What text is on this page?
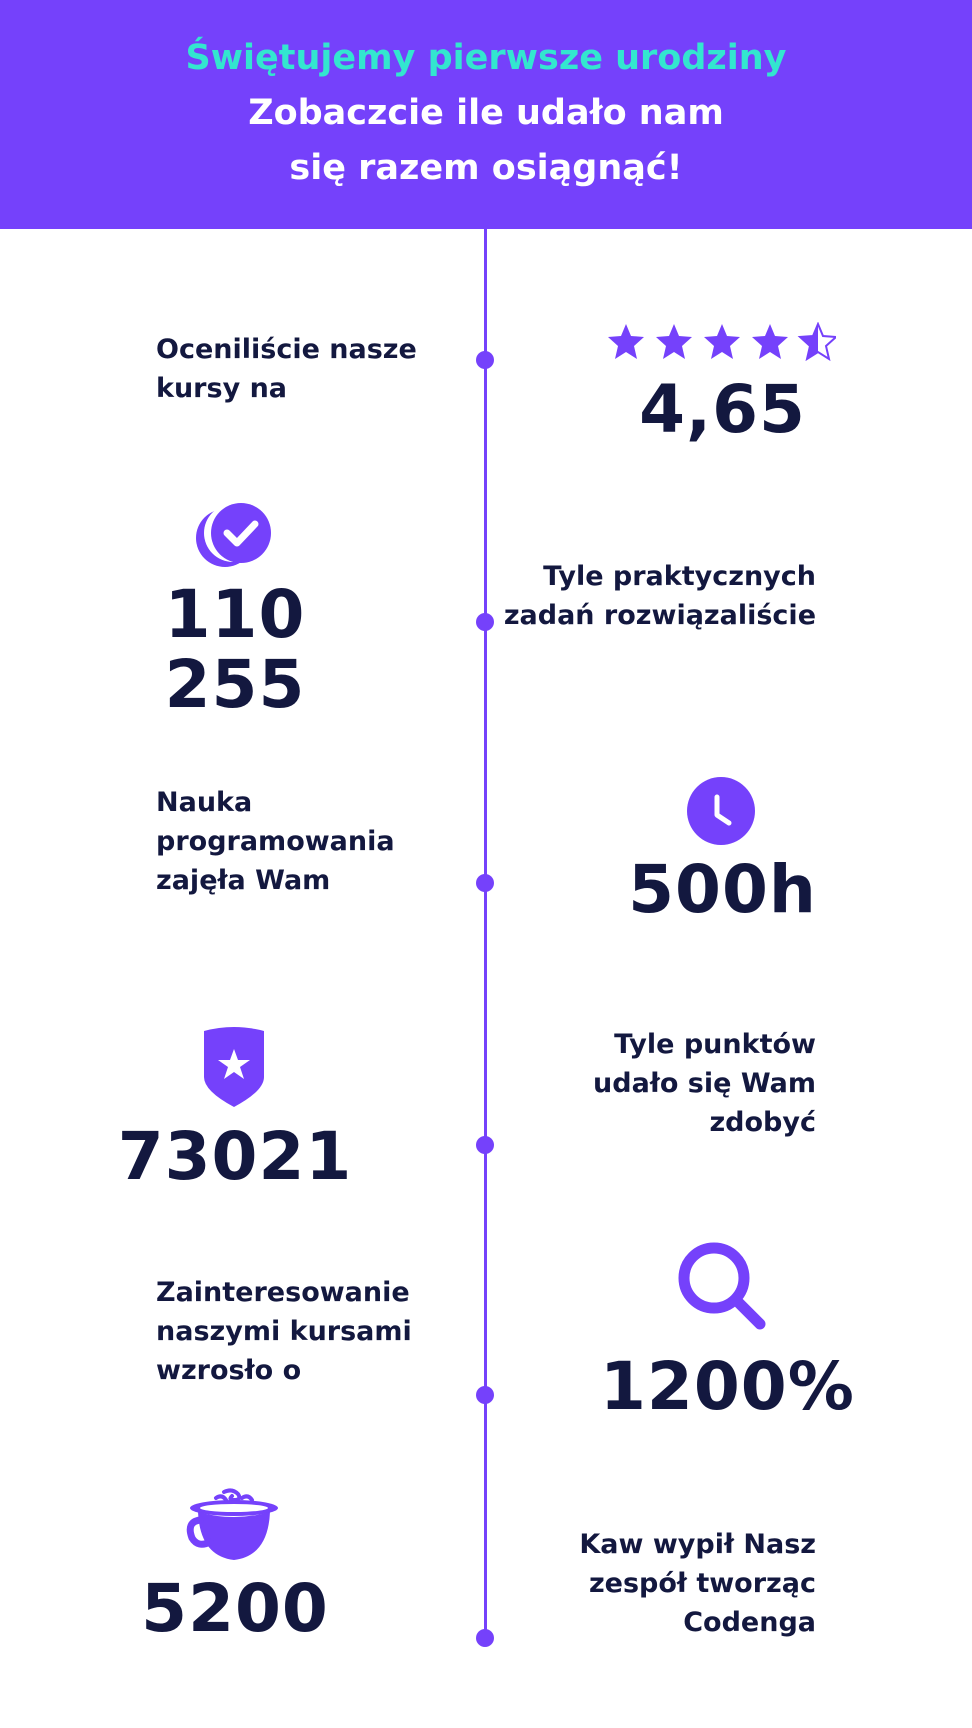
Świętujemy pierwsze urodziny
Zobaczcie ile udało nam
się razem osiągnąć!
Oceniliście nasze
kursy na	4,65
110 255
Tyle praktycznych
zadań rozwiązaliście
Nauka
programowania
zajęła Wam	500h
73021
Tyle punktów
udało się Wam
zdobyć
Zainteresowanie
naszymi kursami
wzrosło o	1200%
5200
Kaw wypił Nasz
zespół tworząc
Codenga
